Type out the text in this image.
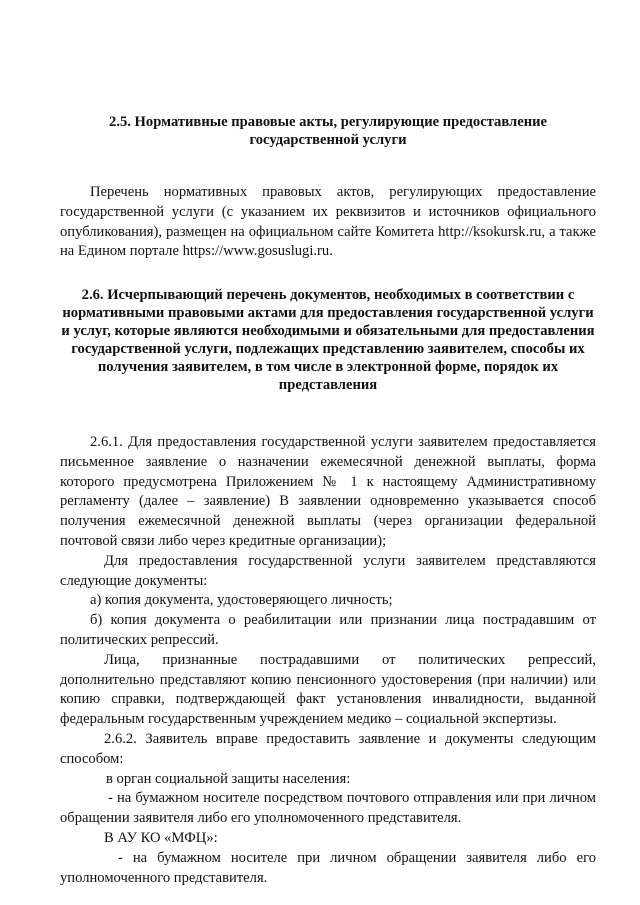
2.5. Нормативные правовые акты, регулирующие предоставление государственной услуги

Перечень нормативных правовых актов, регулирующих предоставление государственной услуги (с указанием их реквизитов и источников официального опубликования), размещен на официальном сайте Комитета http://ksokursk.ru, а также на Едином портале https://www.gosuslugi.ru.

2.6. Исчерпывающий перечень документов, необходимых в соответствии с нормативными правовыми актами для предоставления государственной услуги и услуг, которые являются необходимыми и обязательными для предоставления государственной услуги, подлежащих представлению заявителем, способы их получения заявителем, в том числе в электронной форме, порядок их представления

2.6.1. Для предоставления государственной услуги заявителем предоставляется письменное заявление о назначении ежемесячной денежной выплаты, форма которого предусмотрена Приложением № 1 к настоящему Административному регламенту (далее – заявление) В заявлении одновременно указывается способ получения ежемесячной денежной выплаты (через организации федеральной почтовой связи либо через кредитные организации);

Для предоставления государственной услуги заявителем представляются следующие документы:

а) копия документа, удостоверяющего личность;

б) копия документа о реабилитации или признании лица пострадавшим от политических репрессий.

Лица, признанные пострадавшими от политических репрессий, дополнительно представляют копию пенсионного удостоверения (при наличии) или копию справки, подтверждающей факт установления инвалидности, выданной федеральным государственным учреждением медико – социальной экспертизы.

2.6.2. Заявитель вправе предоставить заявление и документы следующим способом:

в орган социальной защиты населения:

- на бумажном носителе посредством почтового отправления или при личном обращении заявителя либо его уполномоченного представителя.

В АУ КО «МФЦ»:

- на бумажном носителе при личном обращении заявителя либо его уполномоченного представителя.
